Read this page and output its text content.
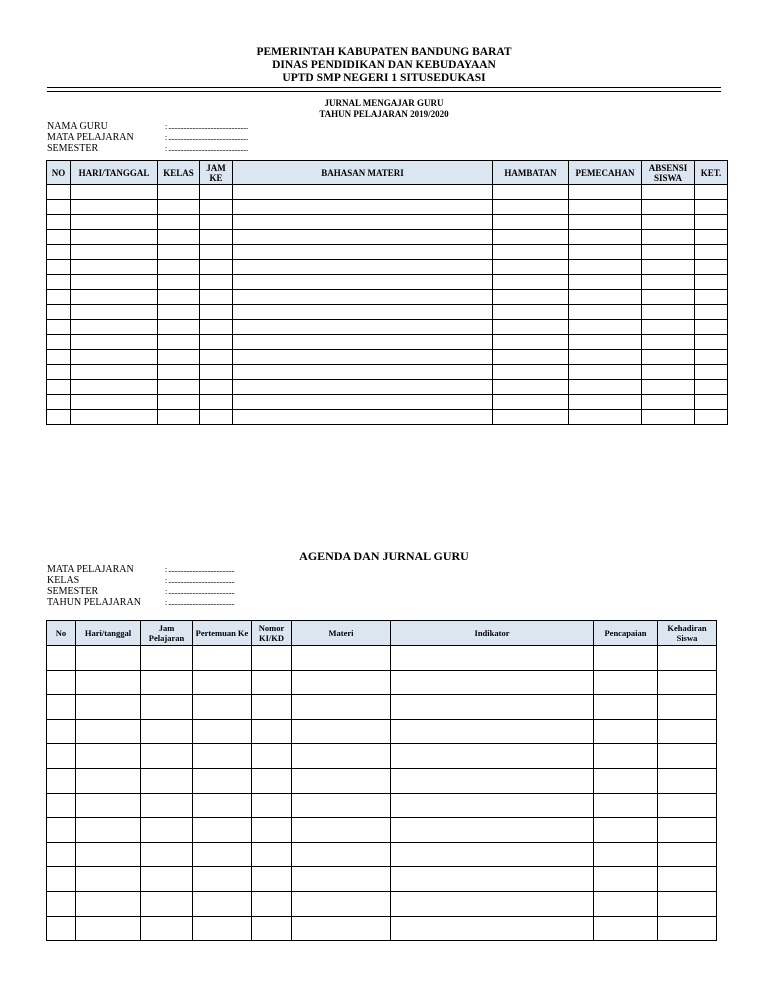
PEMERINTAH KABUPATEN BANDUNG BARAT
DINAS PENDIDIKAN DAN KEBUDAYAAN
UPTD SMP NEGERI 1 SITUSEDUKASI
JURNAL MENGAJAR GURU
TAHUN PELAJARAN 2019/2020
NAMA GURU	: .....................................................
MATA PELAJARAN	: .....................................................
SEMESTER	: .....................................................
NO	HARI/TANGGAL	KELAS	JAM KE	BAHASAN MATERI	HAMBATAN	PEMECAHAN	ABSENSI SISWA	KET.

AGENDA DAN JURNAL GURU
MATA PELAJARAN	: ............................................
KELAS	: ............................................
SEMESTER	: ............................................
TAHUN PELAJARAN	: ............................................
No	Hari/tanggal	Jam Pelajaran	Pertemuan Ke	Nomor KI/KD	Materi	Indikator	Pencapaian	Kehadiran Siswa
